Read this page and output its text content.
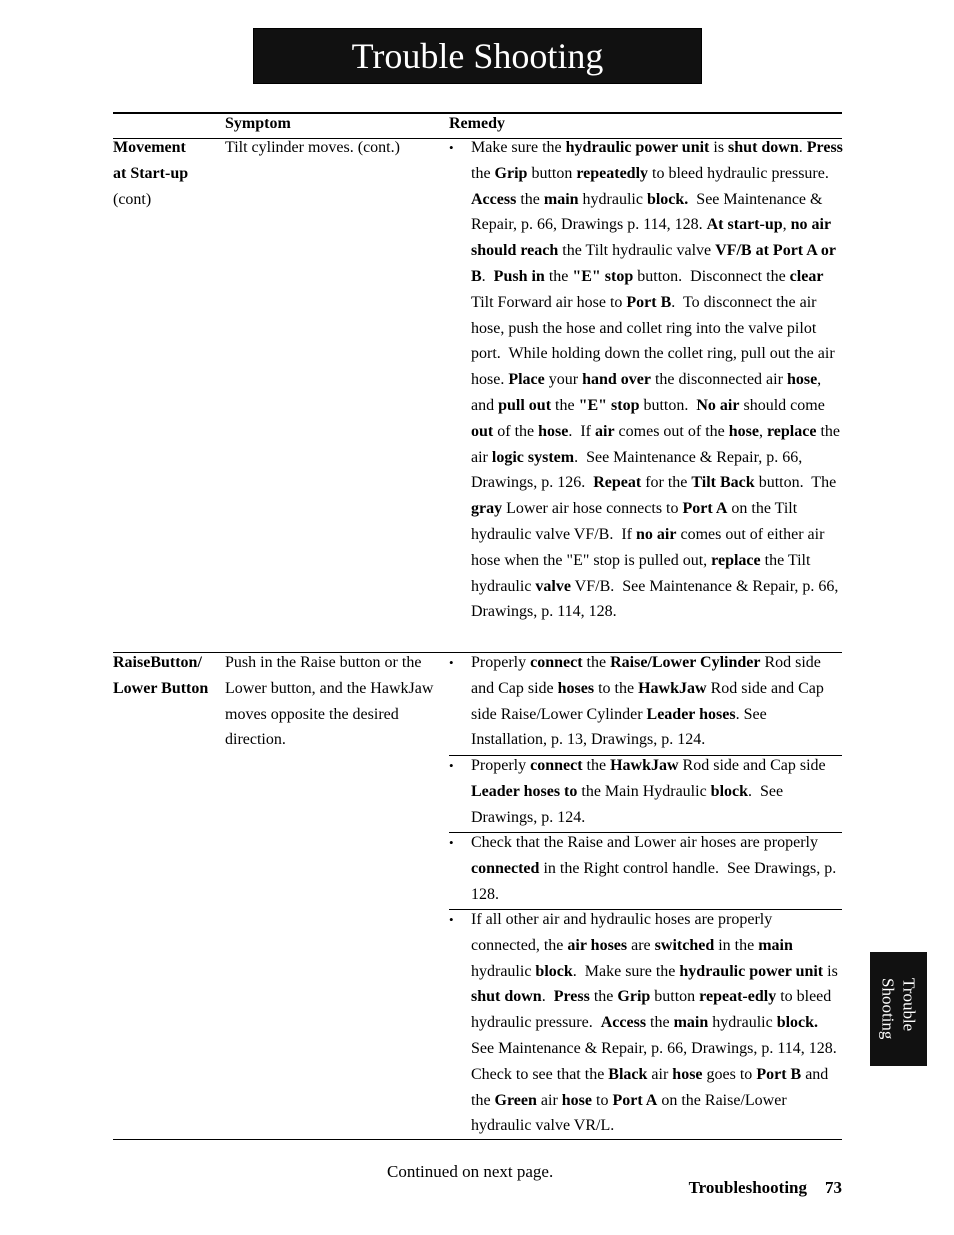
Trouble Shooting
Symptom	Remedy
Movement
at Start-up
(cont)
Tilt cylinder moves. (cont.)	• Make sure the hydraulic power unit is shut down. Press the Grip button repeatedly to bleed hydraulic pressure.  Access the main hydraulic block.  See Maintenance & Repair, p. 66, Drawings p. 114, 128. At start-up, no air should reach the Tilt hydraulic valve VF/B at Port A or B.  Push in the "E" stop button.  Disconnect the clear Tilt Forward air hose to Port B.  To disconnect the air hose, push the hose and collet ring into the valve pilot port.  While holding down the collet ring, pull out the air hose. Place your hand over the disconnected air hose, and pull out the "E" stop button.  No air should come out of the hose.  If air comes out of the hose, replace the air logic system.  See Maintenance & Repair, p. 66, Drawings, p. 126.  Repeat for the Tilt Back button.  The gray Lower air hose connects to Port A on the Tilt hydraulic valve VF/B.  If no air comes out of either air hose when the "E" stop is pulled out, replace the Tilt hydraulic valve VF/B.  See Maintenance & Repair, p. 66, Drawings, p. 114, 128.
RaiseButton/
Lower Button
Push in the Raise button or the Lower button, and the HawkJaw moves opposite the desired direction.
• Properly connect the Raise/Lower Cylinder Rod side and Cap side hoses to the HawkJaw Rod side and Cap side Raise/Lower Cylinder Leader hoses. See Installation, p. 13, Drawings, p. 124.
• Properly connect the HawkJaw Rod side and Cap side Leader hoses to the Main Hydraulic block.  See Drawings, p. 124.
• Check that the Raise and Lower air hoses are properly connected in the Right control handle.  See Drawings, p. 128.
• If all other air and hydraulic hoses are properly connected, the air hoses are switched in the main hydraulic block.  Make sure the hydraulic power unit is shut down.  Press the Grip button repeat-edly to bleed hydraulic pressure.  Access the main hydraulic block.  See Maintenance & Repair, p. 66, Drawings, p. 114, 128.  Check to see that the Black air hose goes to Port B and the Green air hose to Port A on the Raise/Lower hydraulic valve VR/L.
Continued on next page.
Troubleshooting 73
Trouble
Shooting
